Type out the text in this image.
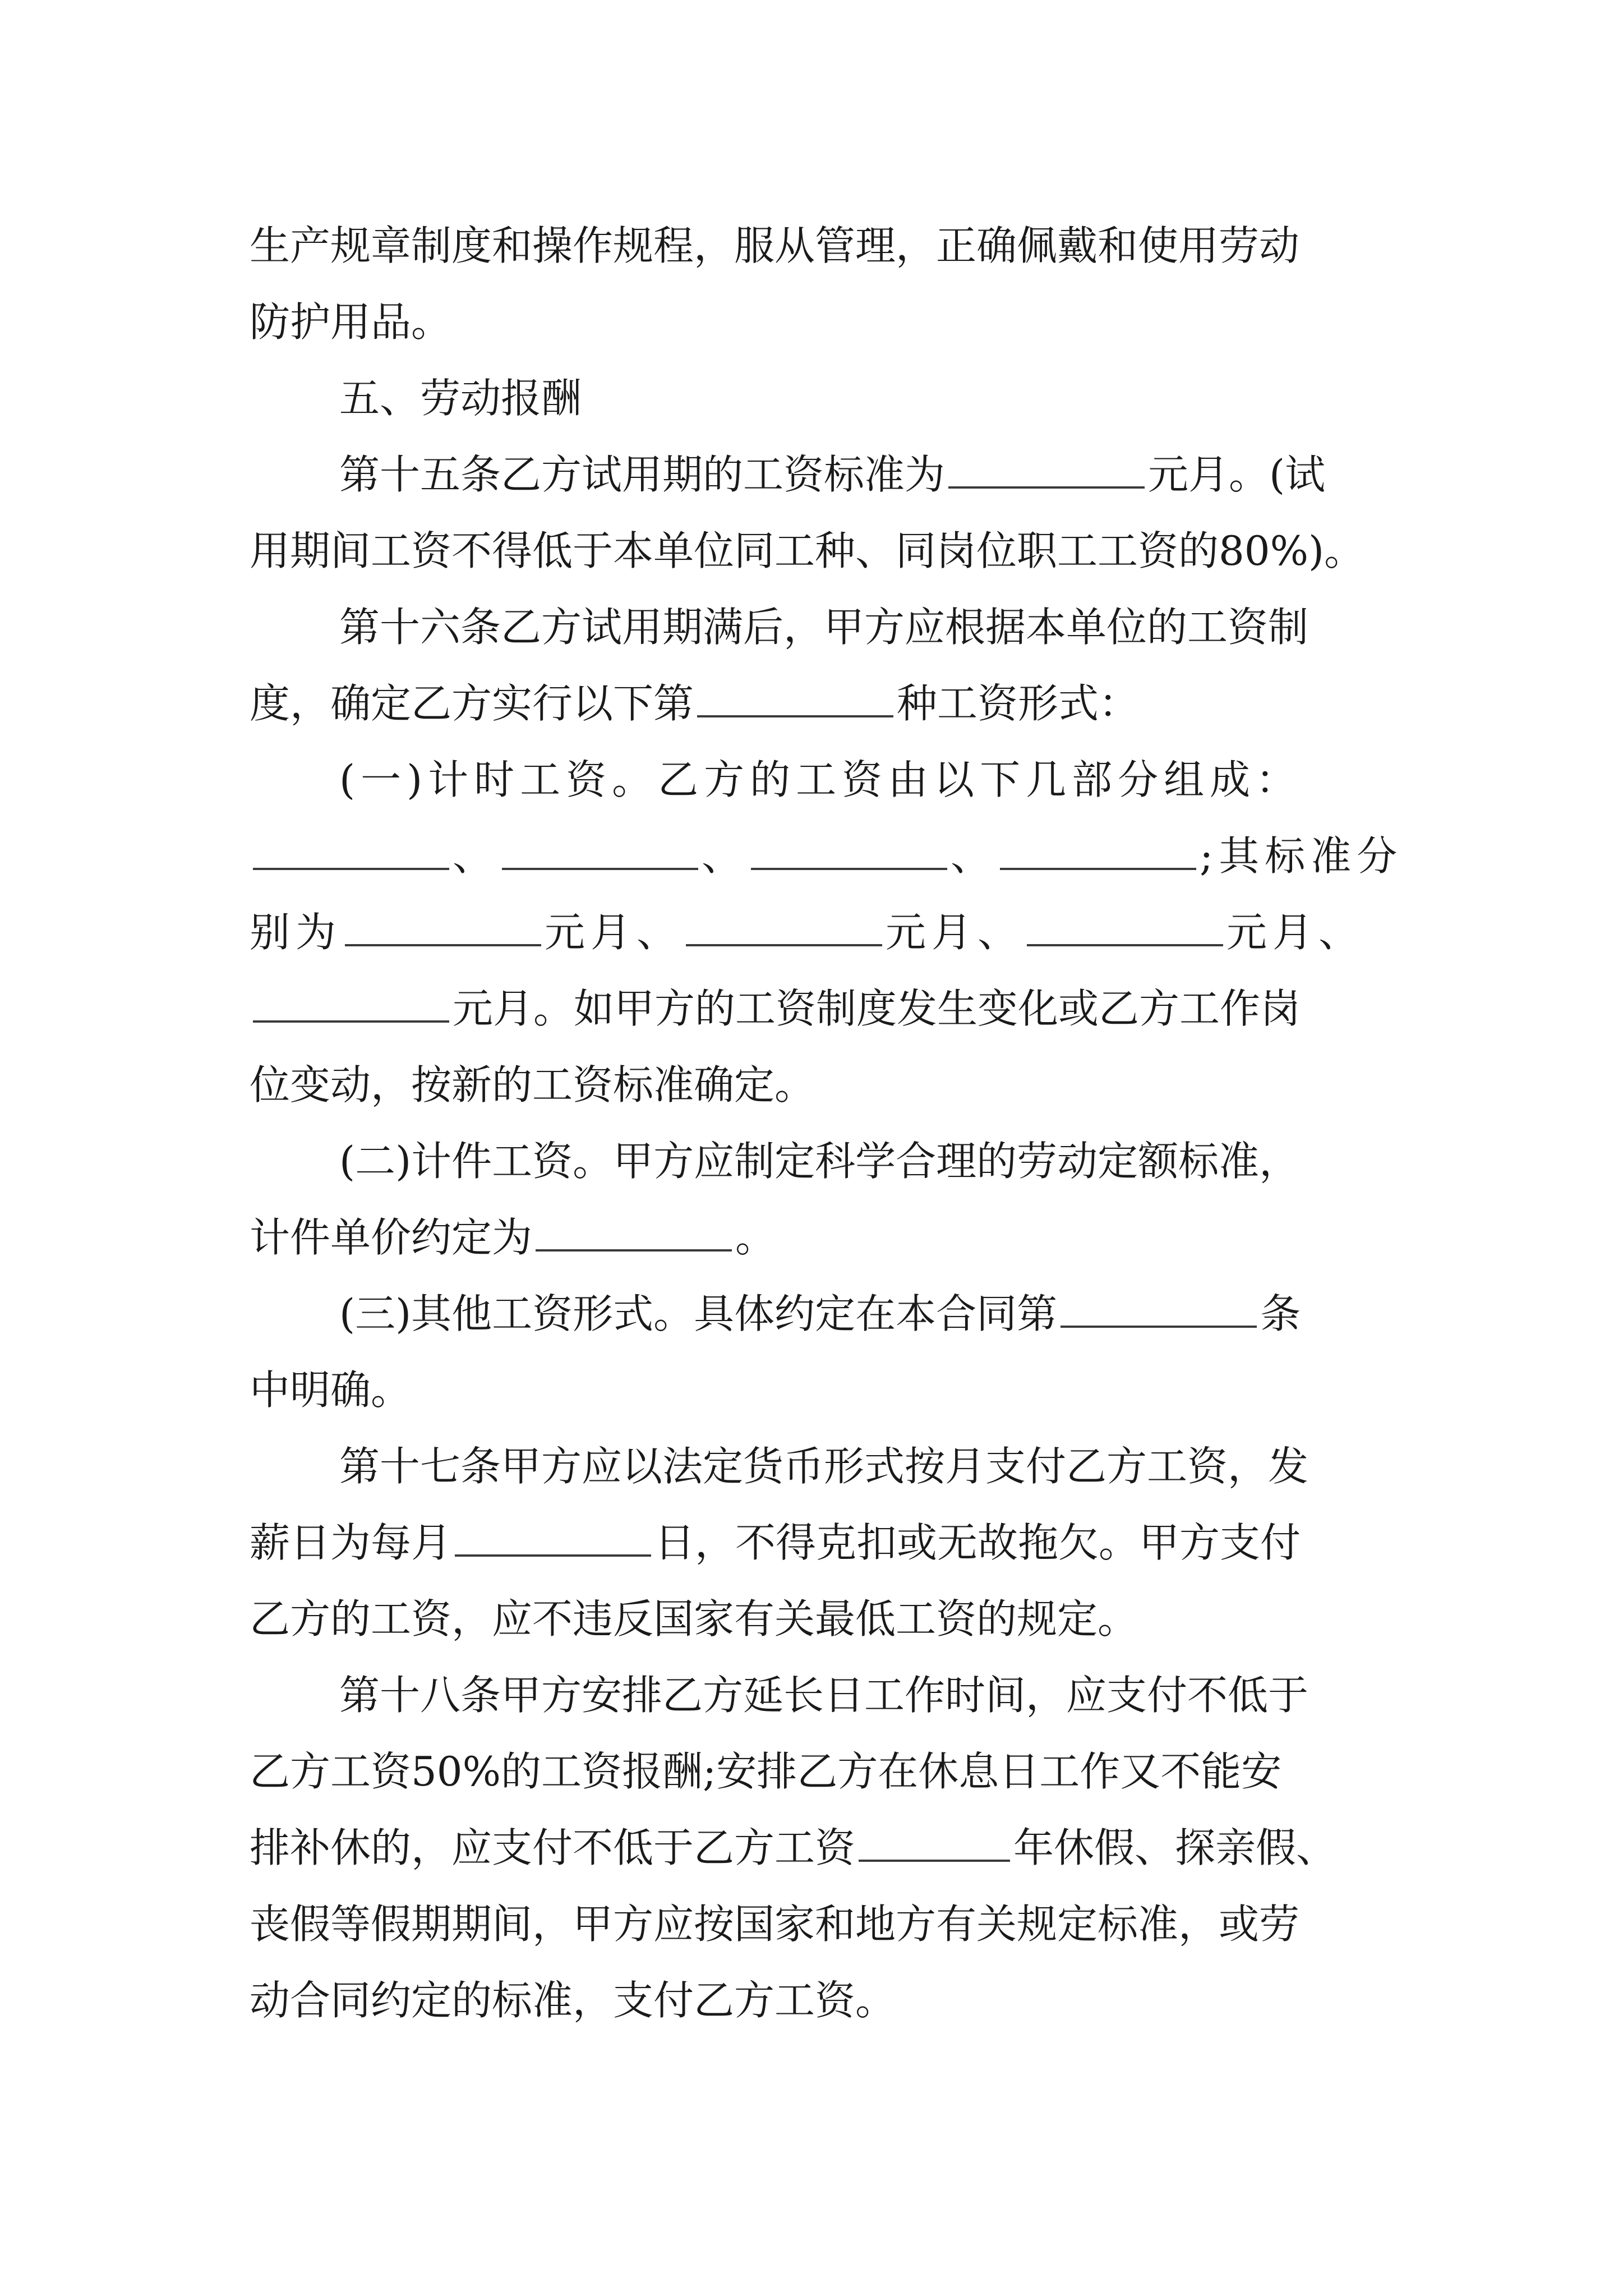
生产规章制度和操作规程，服从管理，正确佩戴和使用劳动
防护用品。
五、劳动报酬
第十五条乙方试用期的工资标准为	元月。(试
用期间工资不得低于本单位同工种、同岗位职工工资的80%)。
第十六条乙方试用期满后，甲方应根据本单位的工资制
度，确定乙方实行以下第	种工资形式：
(一)计时工资。乙方的工资由以下几部分组成：
、	、	、	;其标准分
别为	元月、	元月、	元月、
元月。如甲方的工资制度发生变化或乙方工作岗
位变动，按新的工资标准确定。
(二)计件工资。甲方应制定科学合理的劳动定额标准，
计件单价约定为	。
(三)其他工资形式。具体约定在本合同第	条
中明确。
第十七条甲方应以法定货币形式按月支付乙方工资，发
薪日为每月	日，不得克扣或无故拖欠。甲方支付
乙方的工资，应不违反国家有关最低工资的规定。
第十八条甲方安排乙方延长日工作时间，应支付不低于
乙方工资50%的工资报酬;安排乙方在休息日工作又不能安
排补休的，应支付不低于乙方工资	年休假、探亲假、
丧假等假期期间，甲方应按国家和地方有关规定标准，或劳
动合同约定的标准，支付乙方工资。
